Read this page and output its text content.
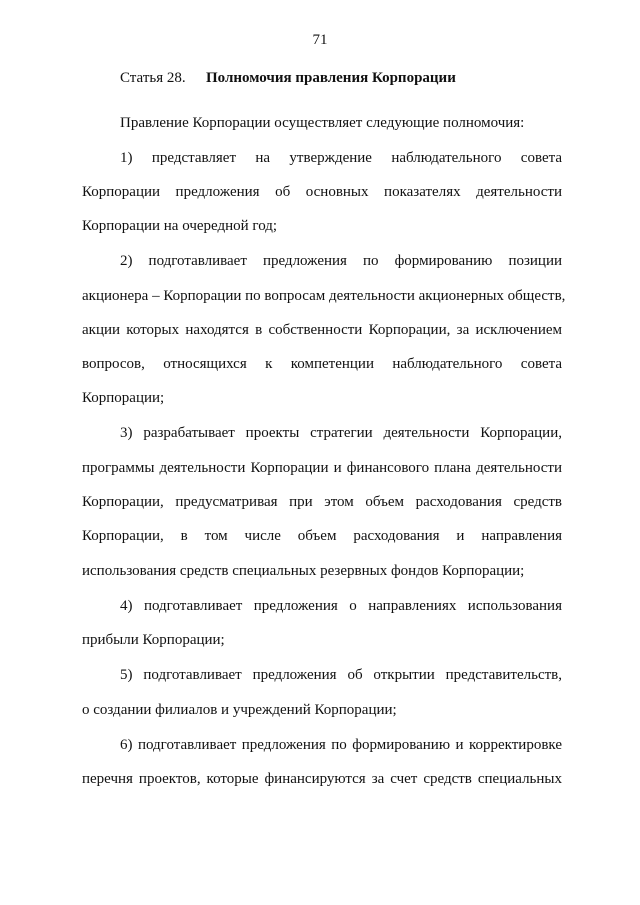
71
Статья 28. Полномочия правления Корпорации
Правление Корпорации осуществляет следующие полномочия:
1) представляет на утверждение наблюдательного совета
Корпорации предложения об основных показателях деятельности
Корпорации на очередной год;
2) подготавливает предложения по формированию позиции
акционера – Корпорации по вопросам деятельности акционерных обществ,
акции которых находятся в собственности Корпорации, за исключением
вопросов, относящихся к компетенции наблюдательного совета
Корпорации;
3) разрабатывает проекты стратегии деятельности Корпорации,
программы деятельности Корпорации и финансового плана деятельности
Корпорации, предусматривая при этом объем расходования средств
Корпорации, в том числе объем расходования и направления
использования средств специальных резервных фондов Корпорации;
4) подготавливает предложения о направлениях использования
прибыли Корпорации;
5) подготавливает предложения об открытии представительств,
о создании филиалов и учреждений Корпорации;
6) подготавливает предложения по формированию и корректировке
перечня проектов, которые финансируются за счет средств специальных
